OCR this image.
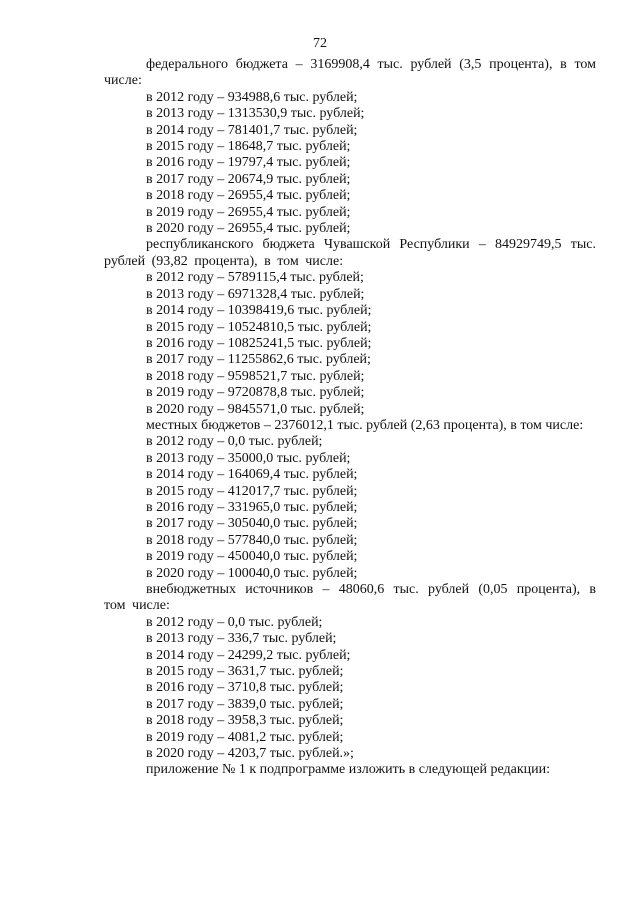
72

федерального бюджета – 3169908,4 тыс. рублей (3,5 процента), в том числе:

в 2012 году – 934988,6 тыс. рублей;

в 2013 году – 1313530,9 тыс. рублей;

в 2014 году – 781401,7 тыс. рублей;

в 2015 году – 18648,7 тыс. рублей;

в 2016 году – 19797,4 тыс. рублей;

в 2017 году – 20674,9 тыс. рублей;

в 2018 году – 26955,4 тыс. рублей;

в 2019 году – 26955,4 тыс. рублей;

в 2020 году – 26955,4 тыс. рублей;

республиканского бюджета Чувашской Республики – 84929749,5 тыс. рублей (93,82 процента), в том числе:

в 2012 году – 5789115,4 тыс. рублей;

в 2013 году – 6971328,4 тыс. рублей;

в 2014 году – 10398419,6 тыс. рублей;

в 2015 году – 10524810,5 тыс. рублей;

в 2016 году – 10825241,5 тыс. рублей;

в 2017 году – 11255862,6 тыс. рублей;

в 2018 году – 9598521,7 тыс. рублей;

в 2019 году – 9720878,8 тыс. рублей;

в 2020 году – 9845571,0 тыс. рублей;

местных бюджетов – 2376012,1 тыс. рублей (2,63 процента), в том числе:

в 2012 году – 0,0 тыс. рублей;

в 2013 году – 35000,0 тыс. рублей;

в 2014 году – 164069,4 тыс. рублей;

в 2015 году – 412017,7 тыс. рублей;

в 2016 году – 331965,0 тыс. рублей;

в 2017 году – 305040,0 тыс. рублей;

в 2018 году – 577840,0 тыс. рублей;

в 2019 году – 450040,0 тыс. рублей;

в 2020 году – 100040,0 тыс. рублей;

внебюджетных источников – 48060,6 тыс. рублей (0,05 процента), в том числе:

в 2012 году – 0,0 тыс. рублей;

в 2013 году – 336,7 тыс. рублей;

в 2014 году – 24299,2 тыс. рублей;

в 2015 году – 3631,7 тыс. рублей;

в 2016 году – 3710,8 тыс. рублей;

в 2017 году – 3839,0 тыс. рублей;

в 2018 году – 3958,3 тыс. рублей;

в 2019 году – 4081,2 тыс. рублей;

в 2020 году – 4203,7 тыс. рублей.»;

приложение № 1 к подпрограмме изложить в следующей редакции:
